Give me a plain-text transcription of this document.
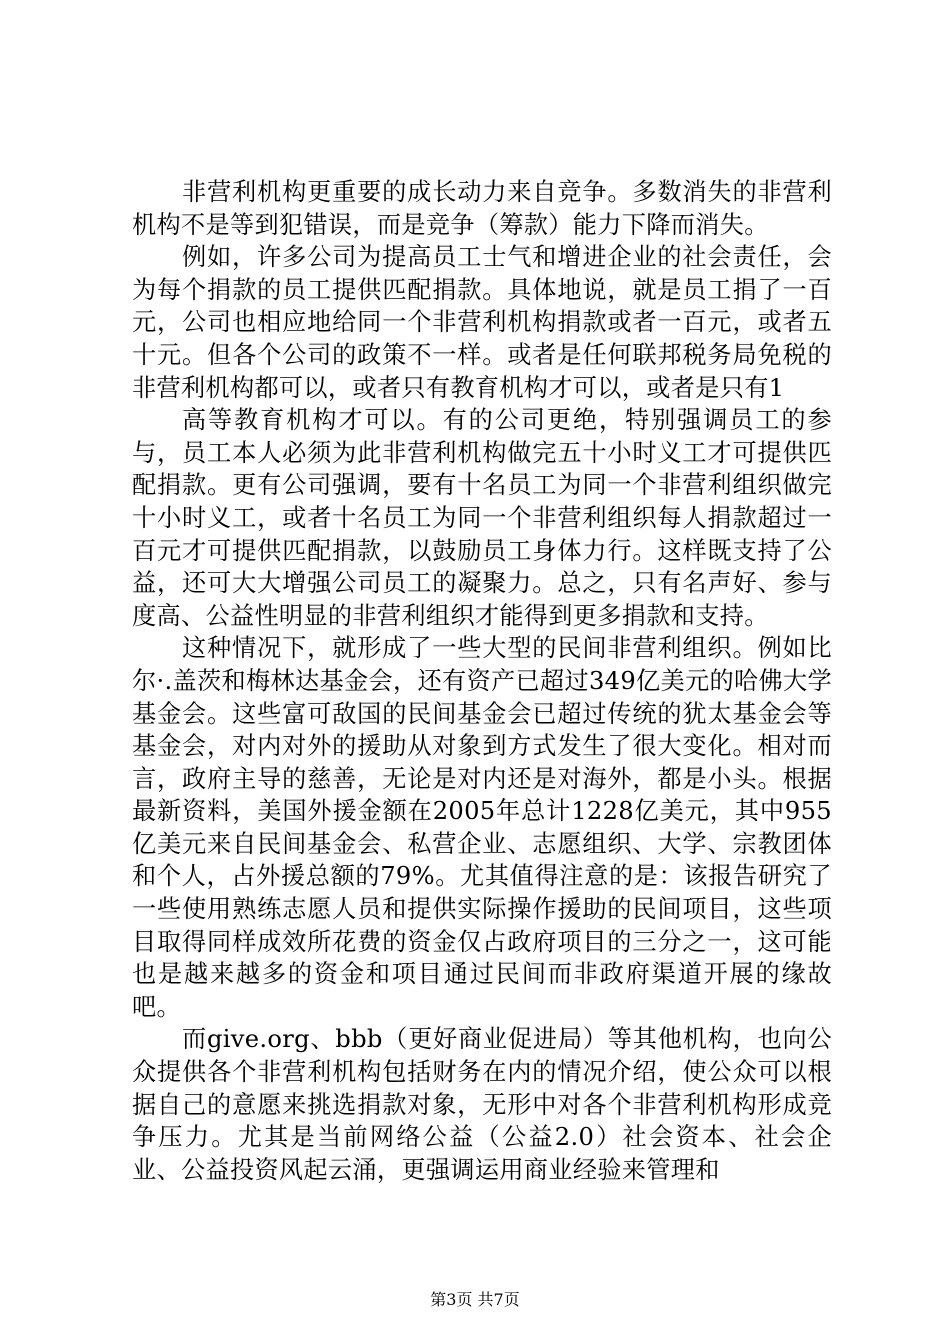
非营利机构更重要的成长动力来自竞争。多数消失的非营利机构不是等到犯错误，而是竞争（筹款）能力下降而消失。

例如，许多公司为提高员工士气和增进企业的社会责任，会为每个捐款的员工提供匹配捐款。具体地说，就是员工捐了一百元，公司也相应地给同一个非营利机构捐款或者一百元，或者五十元。但各个公司的政策不一样。或者是任何联邦税务局免税的非营利机构都可以，或者只有教育机构才可以，或者是只有1

高等教育机构才可以。有的公司更绝，特别强调员工的参与，员工本人必须为此非营利机构做完五十小时义工才可提供匹配捐款。更有公司强调，要有十名员工为同一个非营利组织做完十小时义工，或者十名员工为同一个非营利组织每人捐款超过一百元才可提供匹配捐款，以鼓励员工身体力行。这样既支持了公益，还可大大增强公司员工的凝聚力。总之，只有名声好、参与度高、公益性明显的非营利组织才能得到更多捐款和支持。

这种情况下，就形成了一些大型的民间非营利组织。例如比尔·.盖茨和梅林达基金会，还有资产已超过349亿美元的哈佛大学基金会。这些富可敌国的民间基金会已超过传统的犹太基金会等基金会，对内对外的援助从对象到方式发生了很大变化。相对而言，政府主导的慈善，无论是对内还是对海外，都是小头。根据最新资料，美国外援金额在2005年总计1228亿美元，其中955亿美元来自民间基金会、私营企业、志愿组织、大学、宗教团体和个人，占外援总额的79%。尤其值得注意的是：该报告研究了一些使用熟练志愿人员和提供实际操作援助的民间项目，这些项目取得同样成效所花费的资金仅占政府项目的三分之一，这可能也是越来越多的资金和项目通过民间而非政府渠道开展的缘故吧。

而give.org、bbb（更好商业促进局）等其他机构，也向公众提供各个非营利机构包括财务在内的情况介绍，使公众可以根据自己的意愿来挑选捐款对象，无形中对各个非营利机构形成竞争压力。尤其是当前网络公益（公益2.0）社会资本、社会企业、公益投资风起云涌，更强调运用商业经验来管理和

第3页 共7页
